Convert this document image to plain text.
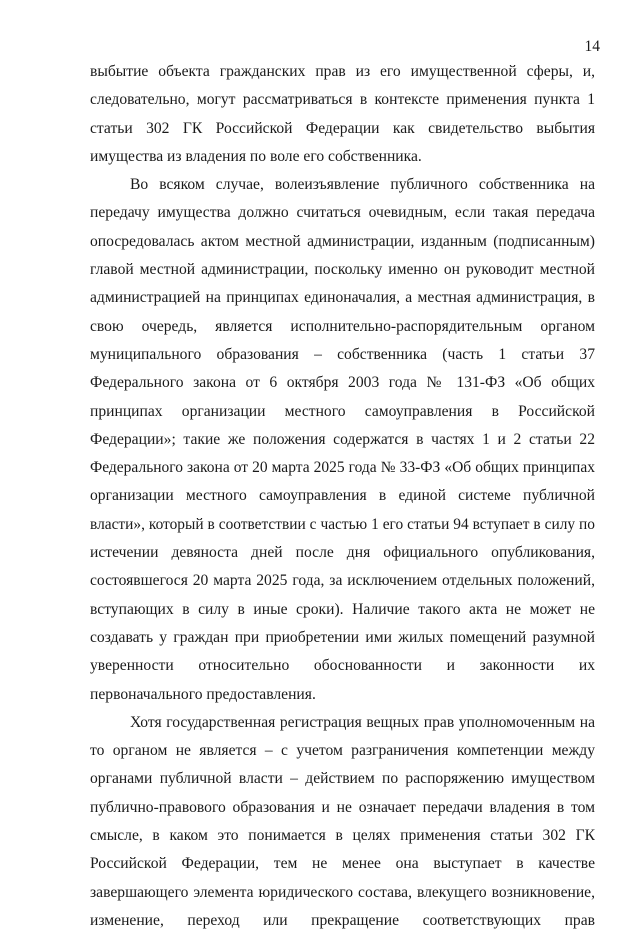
14
выбытие объекта гражданских прав из его имущественной сферы, и,
следовательно, могут рассматриваться в контексте применения пункта 1
статьи 302 ГК Российской Федерации как свидетельство выбытия
имущества из владения по воле его собственника.
Во всяком случае, волеизъявление публичного собственника на
передачу имущества должно считаться очевидным, если такая передача
опосредовалась актом местной администрации, изданным (подписанным)
главой местной администрации, поскольку именно он руководит местной
администрацией на принципах единоначалия, а местная администрация, в
свою очередь, является исполнительно-распорядительным органом
муниципального образования – собственника (часть 1 статьи 37
Федерального закона от 6 октября 2003 года № 131-ФЗ «Об общих
принципах организации местного самоуправления в Российской
Федерации»; такие же положения содержатся в частях 1 и 2 статьи 22
Федерального закона от 20 марта 2025 года № 33-ФЗ «Об общих принципах
организации местного самоуправления в единой системе публичной
власти», который в соответствии с частью 1 его статьи 94 вступает в силу по
истечении девяноста дней после дня официального опубликования,
состоявшегося 20 марта 2025 года, за исключением отдельных положений,
вступающих в силу в иные сроки). Наличие такого акта не может не
создавать у граждан при приобретении ими жилых помещений разумной
уверенности относительно обоснованности и законности их
первоначального предоставления.
Хотя государственная регистрация вещных прав уполномоченным на
то органом не является – с учетом разграничения компетенции между
органами публичной власти – действием по распоряжению имуществом
публично-правового образования и не означает передачи владения в том
смысле, в каком это понимается в целях применения статьи 302 ГК
Российской Федерации, тем не менее она выступает в качестве
завершающего элемента юридического состава, влекущего возникновение,
изменение, переход или прекращение соответствующих прав
